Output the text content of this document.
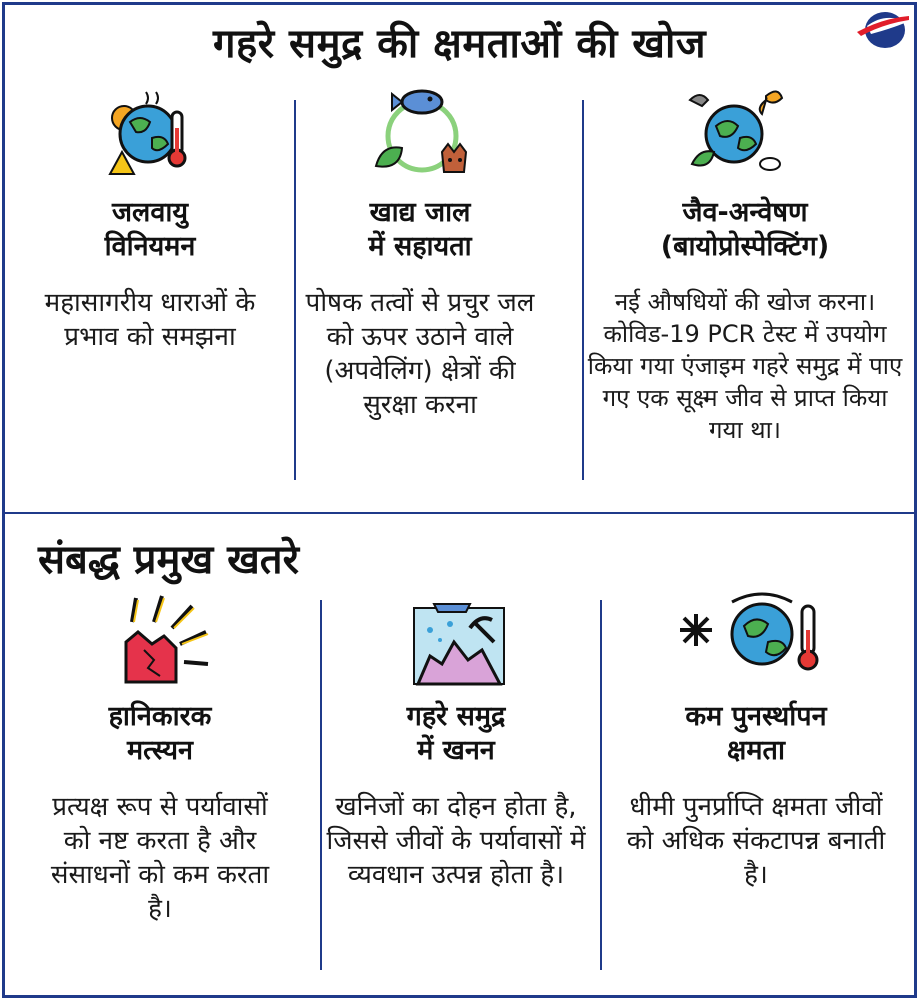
गहरे समुद्र की क्षमताओं की खोज
जलवायु
विनियमन
महासागरीय धाराओं के प्रभाव को समझना
खाद्य जाल
में सहायता
पोषक तत्वों से प्रचुर जल को ऊपर उठाने वाले (अपवेलिंग) क्षेत्रों की सुरक्षा करना
जैव-अन्वेषण
(बायोप्रोस्पेक्टिंग)
नई औषधियों की खोज करना। कोविड-19 PCR टेस्ट में उपयोग किया गया एंजाइम गहरे समुद्र में पाए गए एक सूक्ष्म जीव से प्राप्त किया गया था।
संबद्ध प्रमुख खतरे
हानिकारक
मत्स्यन
प्रत्यक्ष रूप से पर्यावासों को नष्ट करता है और संसाधनों को कम करता है।
गहरे समुद्र
में खनन
खनिजों का दोहन होता है, जिससे जीवों के पर्यावासों में व्यवधान उत्पन्न होता है।
कम पुनर्स्थापन
क्षमता
धीमी पुनर्प्राप्ति क्षमता जीवों को अधिक संकटापन्न बनाती है।
